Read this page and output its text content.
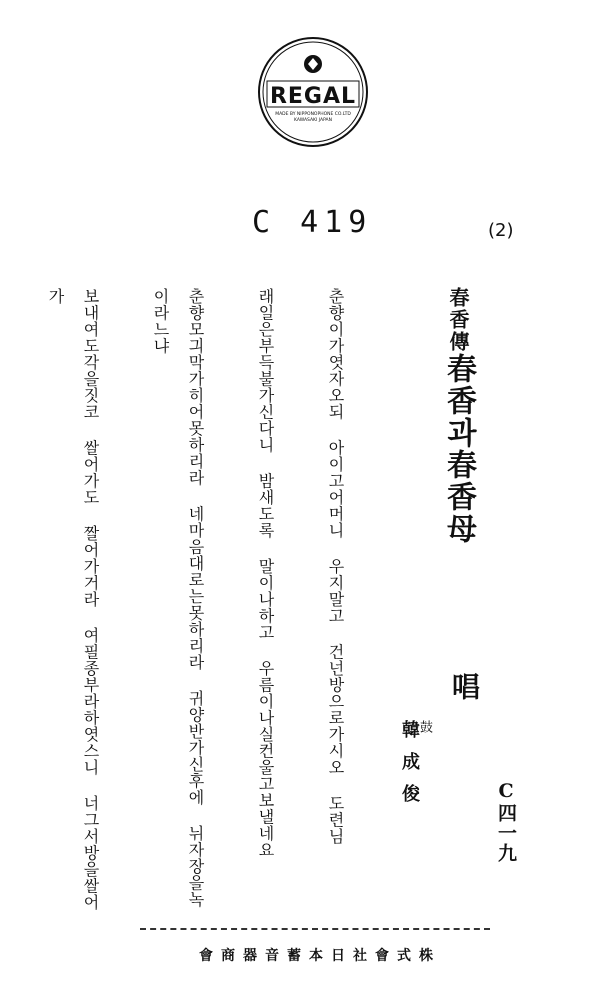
REGAL
MADE BY NIPPONOPHONE CO.LTD KAWASAKI JAPAN
C 419	(2)
C四一九
春香傳春香과春香母
唱
鼓
韓成俊

춘향이가엿자오되 아이고어머니 우지말고 건넌방으로가시오 도련님

래일은부득불가신다니 밤새도록 말이나하고 우름이나실컨울고보낼네요

춘향모긔막가히어못하리라 네마음대로는못하리라 귀양반가신후에 뉘자장을녹이라느냐

보내여도각을짓코 쌀어가도 짤어가거라 여필종부라하엿스니 너그서방을쌀어가

株式會社日本蓄音器商會
